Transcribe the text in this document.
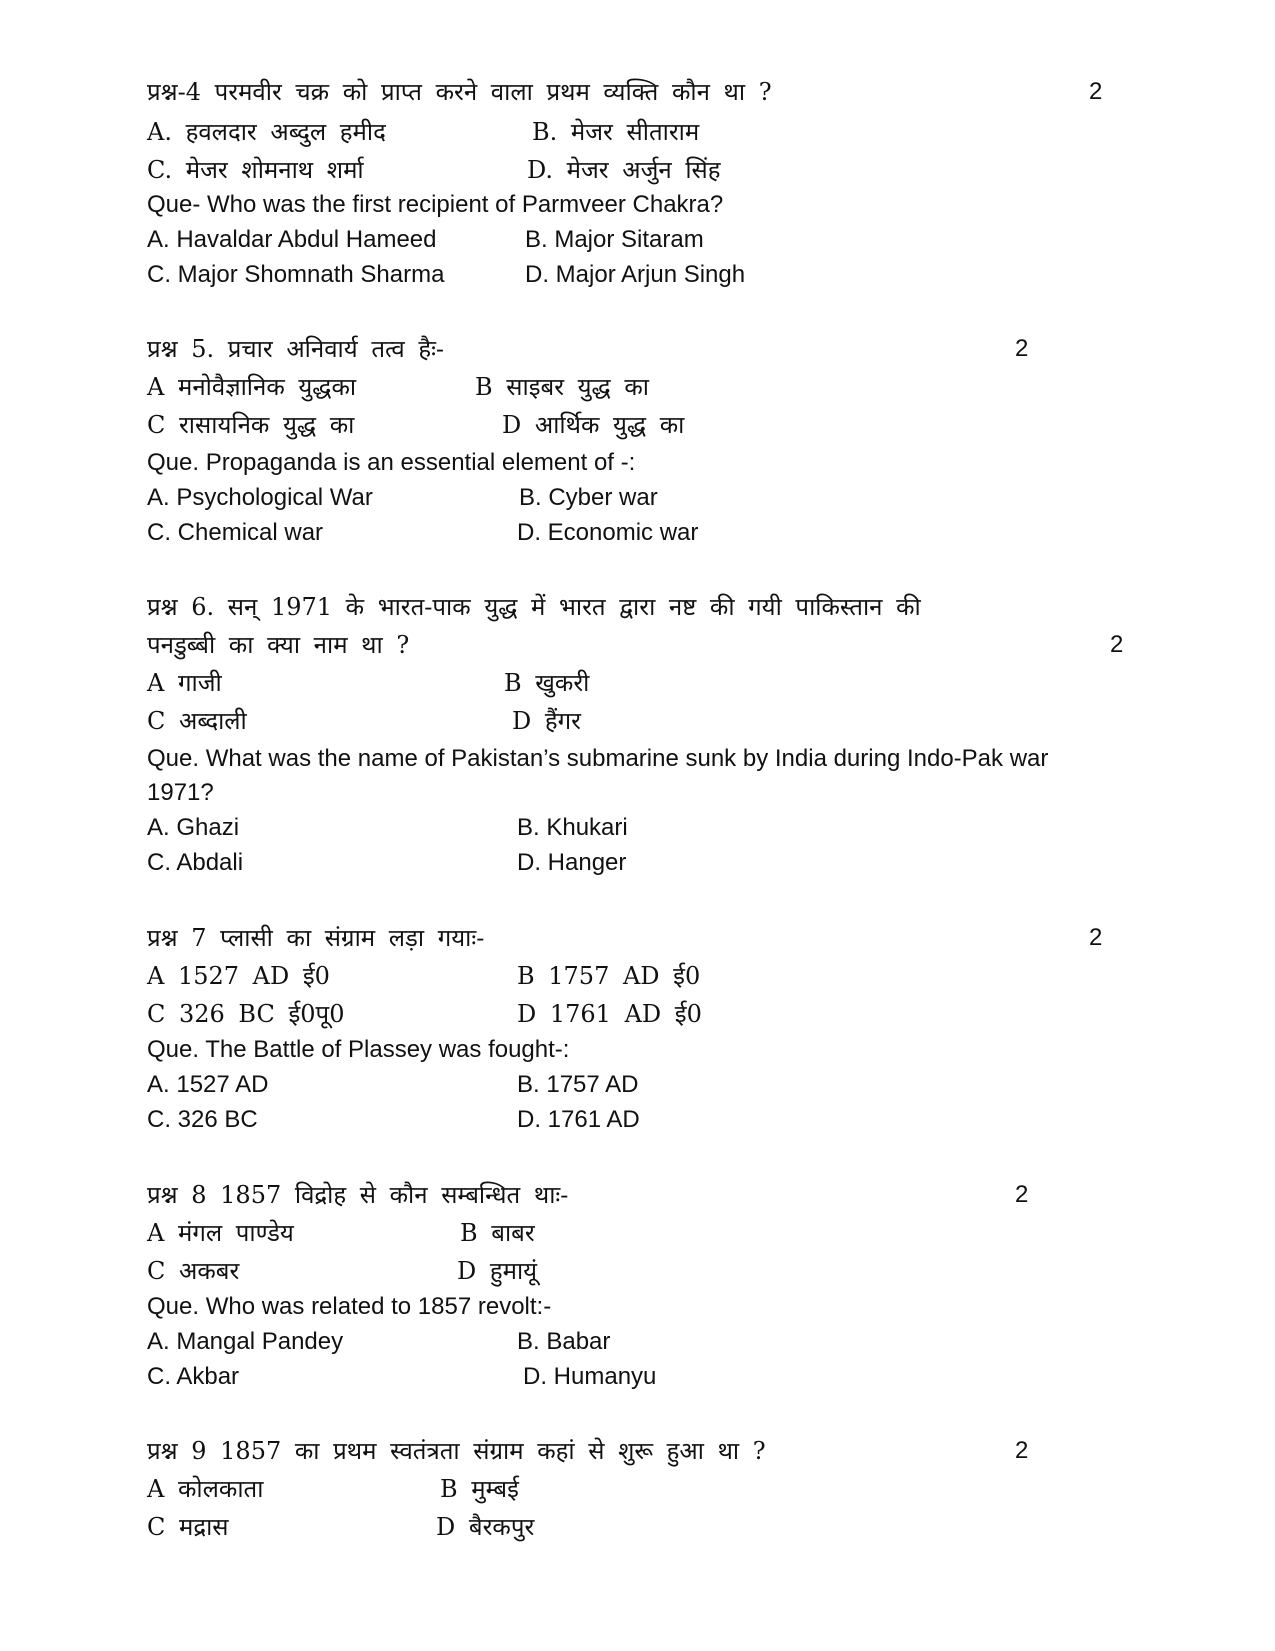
प्रश्न-4 परमवीर चक्र को प्राप्त करने वाला प्रथम व्यक्ति कौन था ?	2
A. हवलदार अब्दुल हमीद	B. मेजर सीताराम
C. मेजर शोमनाथ शर्मा	D. मेजर अर्जुन सिंह
Que- Who was the first recipient of Parmveer Chakra?
A. Havaldar Abdul Hameed	B. Major Sitaram
C. Major Shomnath Sharma	D. Major Arjun Singh
प्रश्न 5. प्रचार अनिवार्य तत्व हैः-	2
A मनोवैज्ञानिक युद्धका	B साइबर युद्ध का
C रासायनिक युद्ध का	D आर्थिक युद्ध का
Que. Propaganda is an essential element of -:
A. Psychological War	B. Cyber war
C. Chemical war	D. Economic war
प्रश्न 6. सन् 1971 के भारत-पाक युद्ध में भारत द्वारा नष्ट की गयी पाकिस्तान की
पनडुब्बी का क्या नाम था ?	2
A गाजी	B खुकरी
C अब्दाली	D हैंगर
Que. What was the name of Pakistan’s submarine sunk by India during Indo-Pak war
1971?
A. Ghazi	B. Khukari
C. Abdali	D. Hanger
प्रश्न 7 प्लासी का संग्राम लड़ा गयाः-	2
A 1527 AD ई0	B 1757 AD ई0
C 326 BC ई0पू0	D 1761 AD ई0
Que. The Battle of Plassey was fought-:
A. 1527 AD	B. 1757 AD
C. 326 BC	D. 1761 AD
प्रश्न 8 1857 विद्रोह से कौन सम्बन्धित थाः-	2
A मंगल पाण्डेय	B बाबर
C अकबर	D हुमायूं
Que. Who was related to 1857 revolt:-
A. Mangal Pandey	B. Babar
C. Akbar	D. Humanyu
प्रश्न 9 1857 का प्रथम स्वतंत्रता संग्राम कहां से शुरू हुआ था ?	2
A कोलकाता	B मुम्बई
C मद्रास	D बैरकपुर
